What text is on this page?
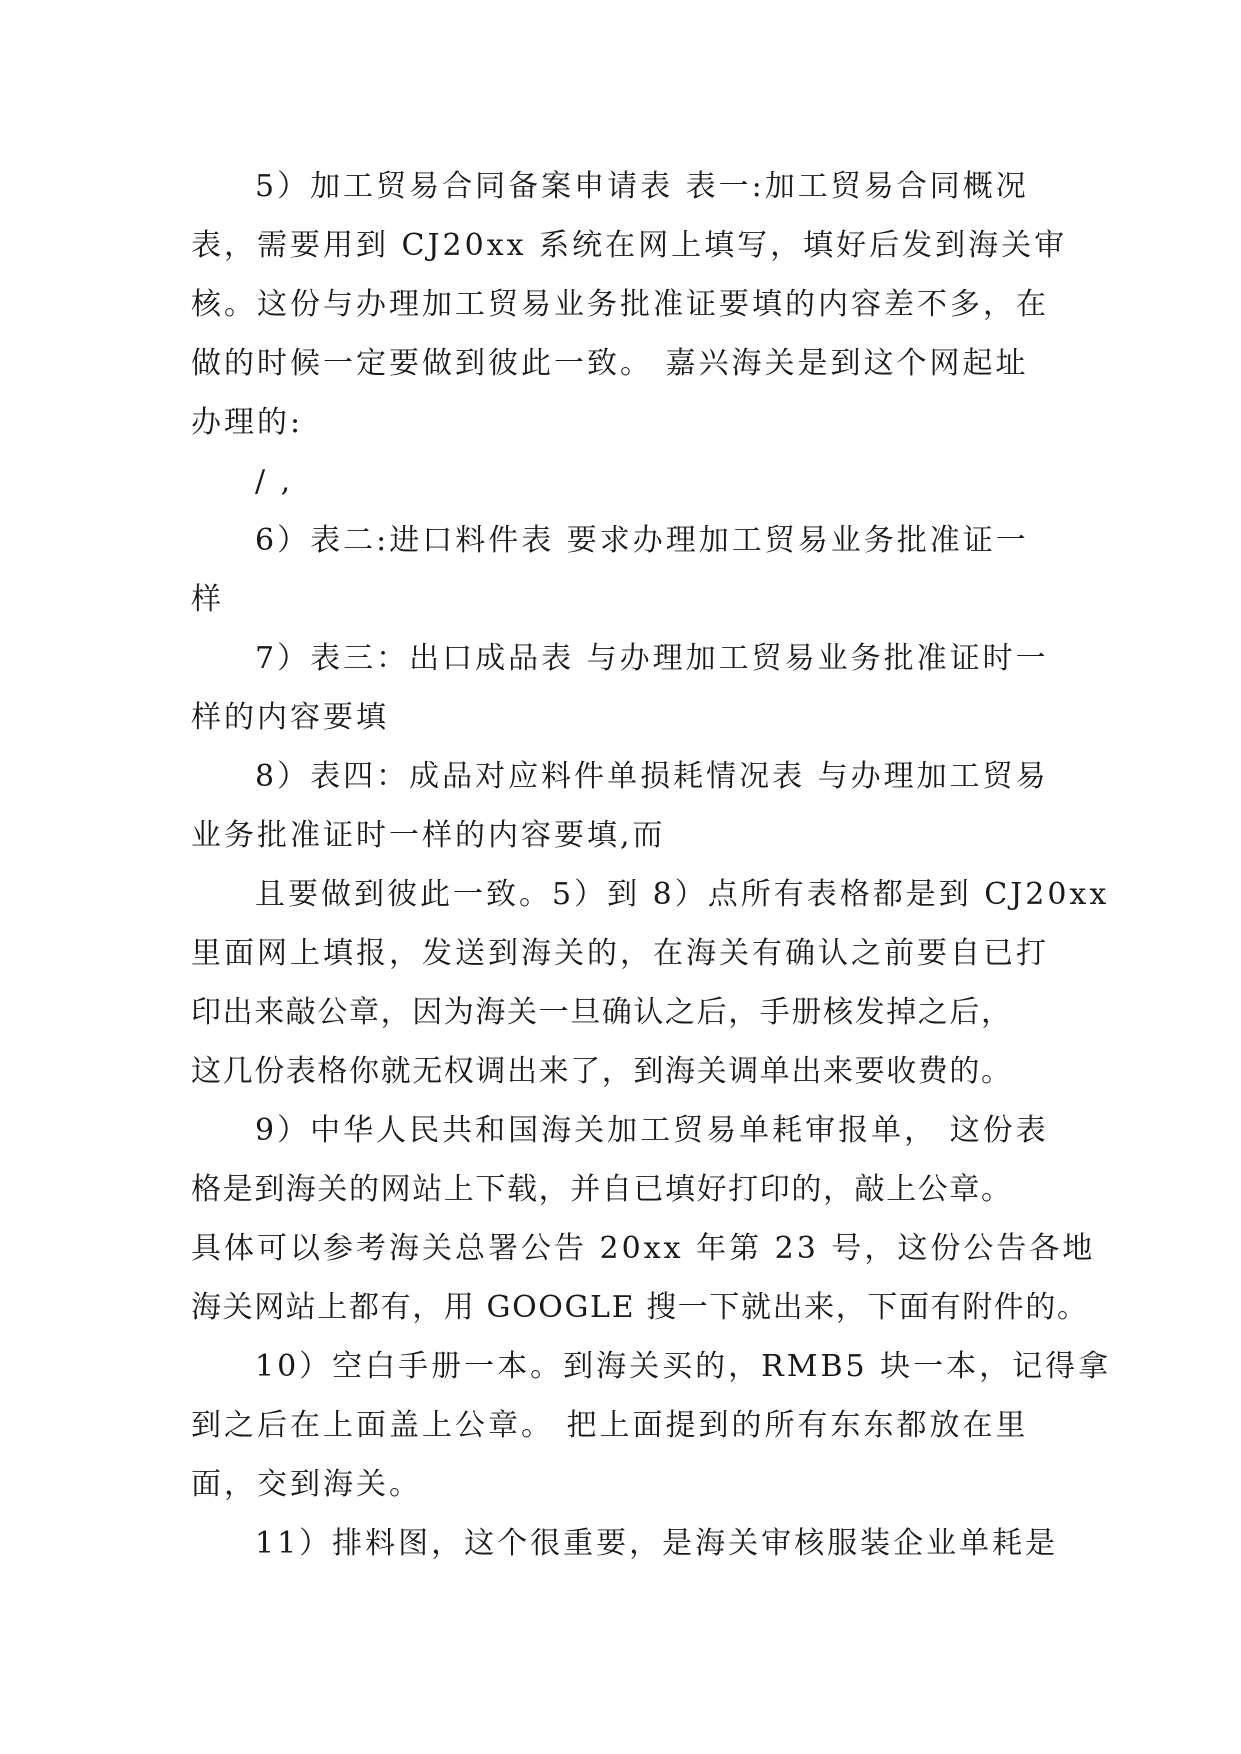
5）加工贸易合同备案申请表 表一:加工贸易合同概况
表，需要用到 CJ20xx 系统在网上填写，填好后发到海关审
核。这份与办理加工贸易业务批准证要填的内容差不多，在
做的时候一定要做到彼此一致。 嘉兴海关是到这个网起址
办理的:
/ ,
6）表二:进口料件表 要求办理加工贸易业务批准证一
样
7）表三：出口成品表 与办理加工贸易业务批准证时一
样的内容要填
8）表四：成品对应料件单损耗情况表 与办理加工贸易
业务批准证时一样的内容要填,而
且要做到彼此一致。5）到 8）点所有表格都是到 CJ20xx
里面网上填报，发送到海关的，在海关有确认之前要自已打
印出来敲公章，因为海关一旦确认之后，手册核发掉之后，
这几份表格你就无权调出来了，到海关调单出来要收费的。
9）中华人民共和国海关加工贸易单耗审报单， 这份表
格是到海关的网站上下载，并自已填好打印的，敲上公章。
具体可以参考海关总署公告 20xx 年第 23 号，这份公告各地
海关网站上都有，用 GOOGLE 搜一下就出来，下面有附件的。
10）空白手册一本。到海关买的，RMB5 块一本，记得拿
到之后在上面盖上公章。 把上面提到的所有东东都放在里
面，交到海关。
11）排料图，这个很重要，是海关审核服装企业单耗是
